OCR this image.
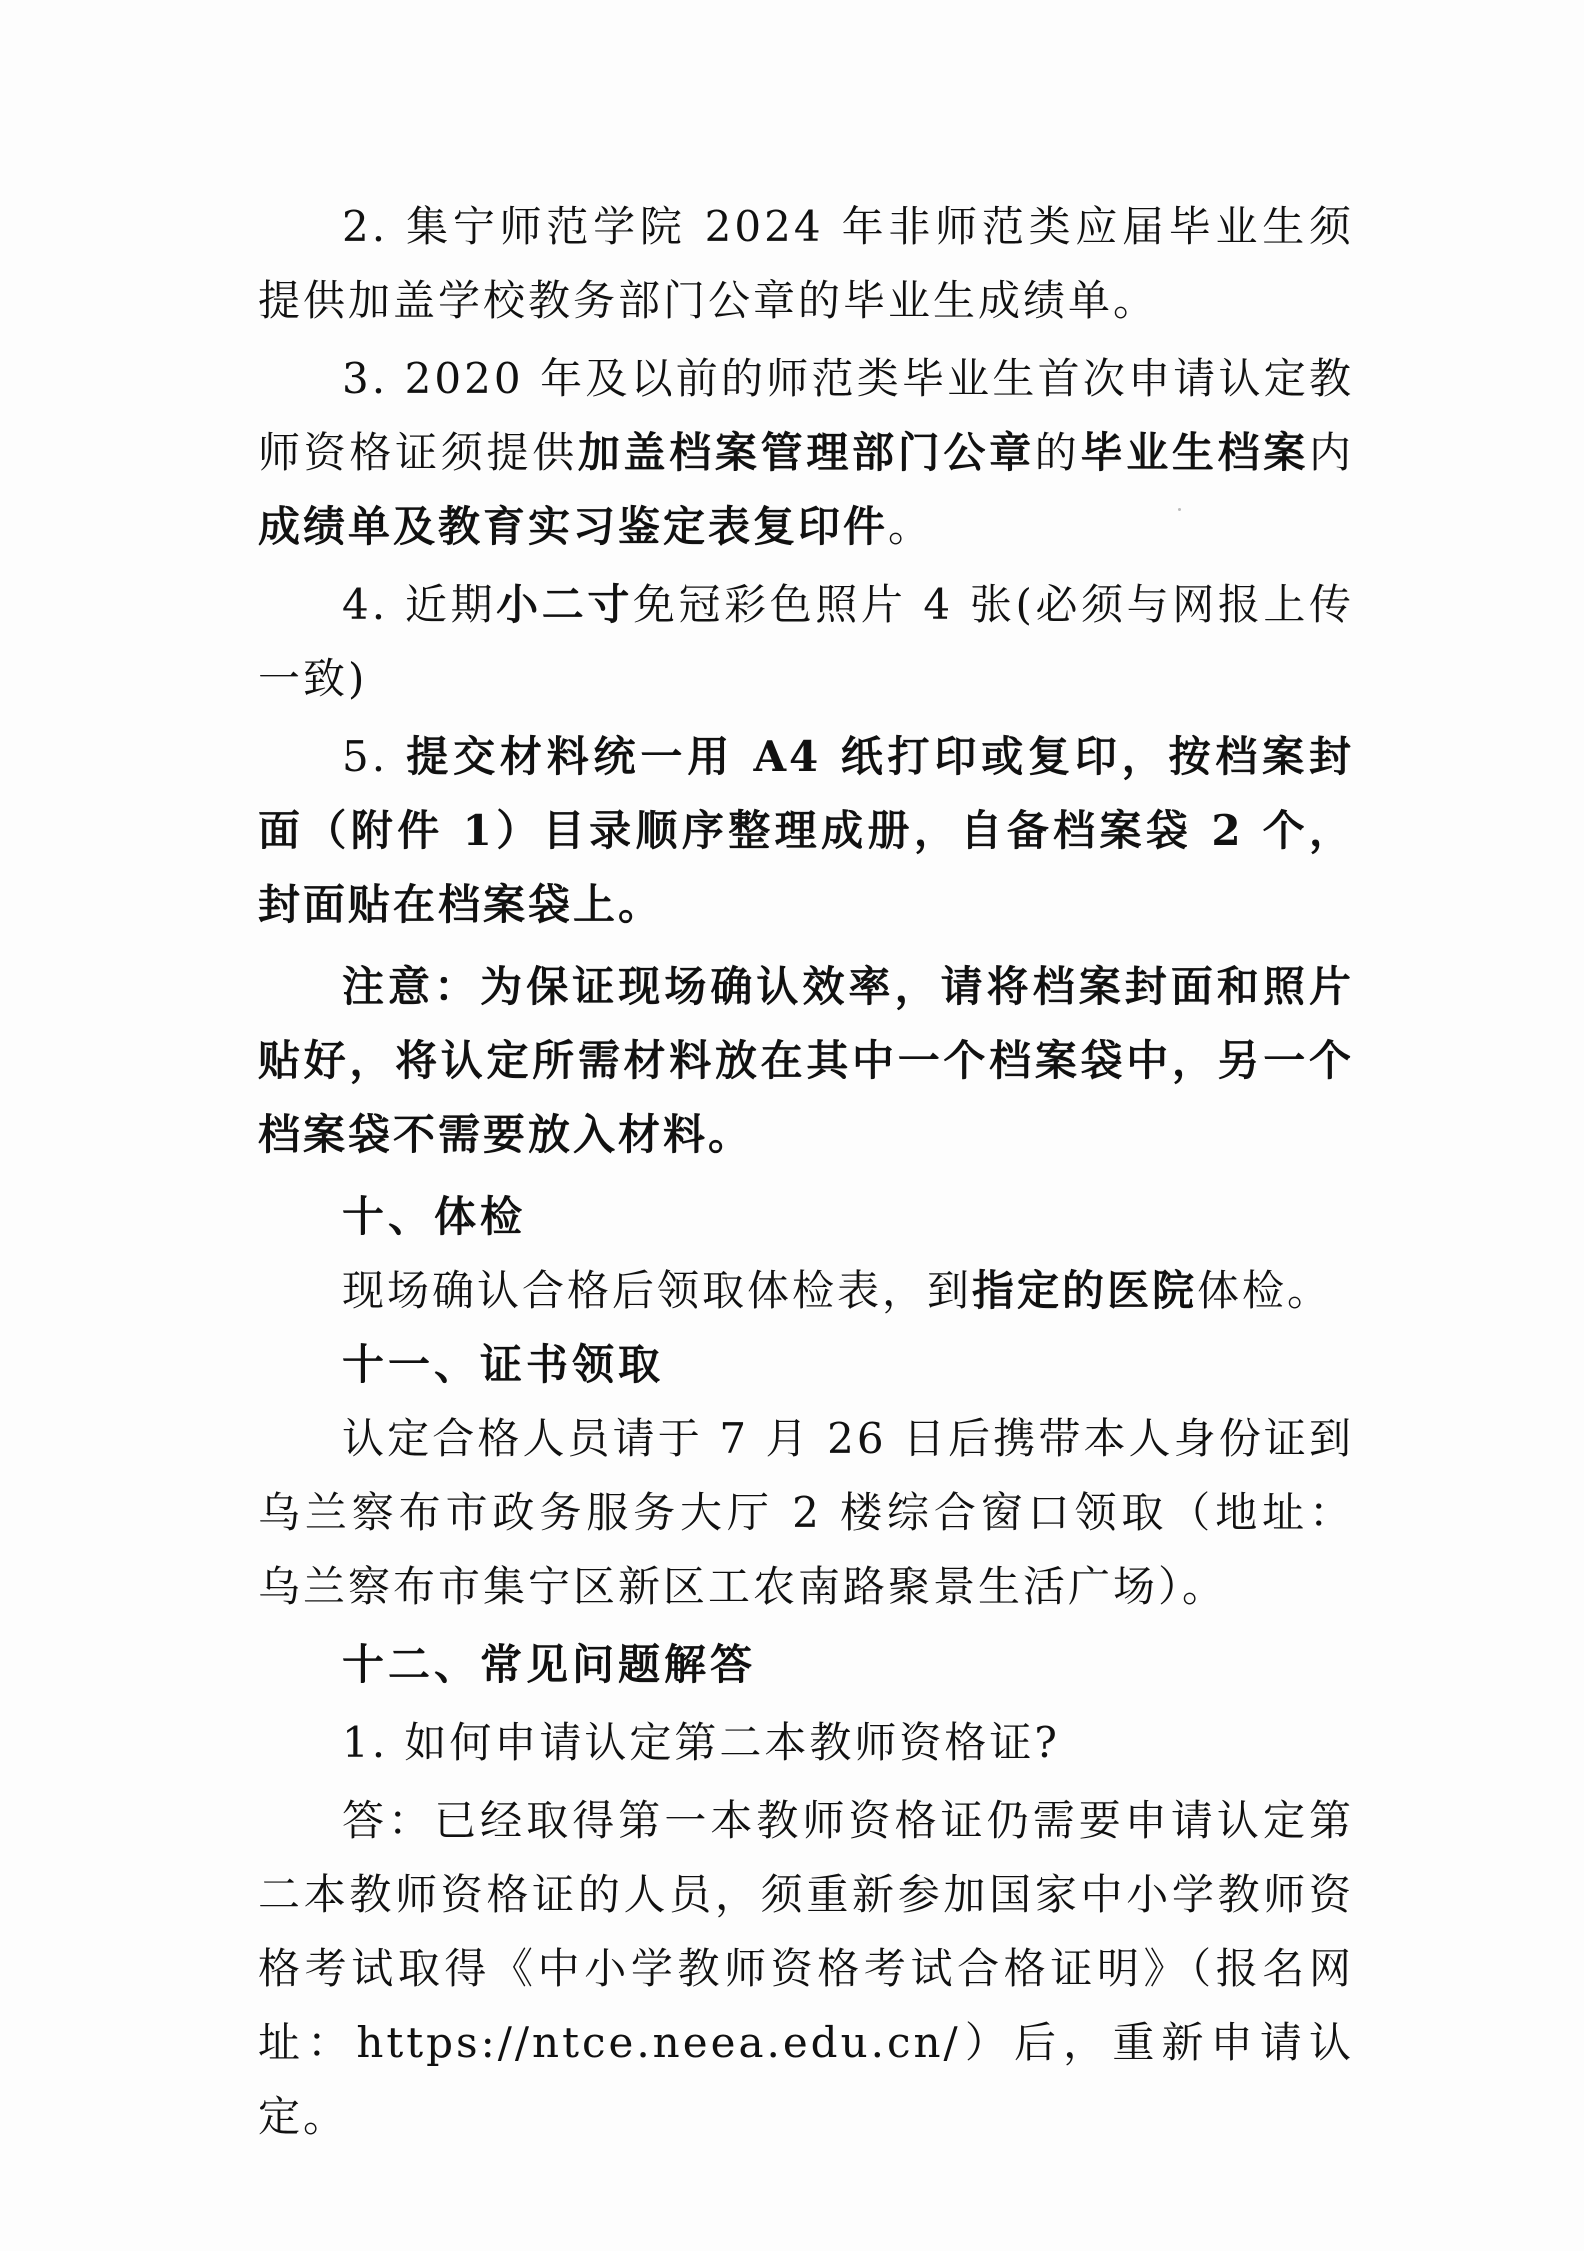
2. 集宁师范学院 2024 年非师范类应届毕业生须提供加盖学校教务部门公章的毕业生成绩单。

3. 2020 年及以前的师范类毕业生首次申请认定教师资格证须提供加盖档案管理部门公章的毕业生档案内成绩单及教育实习鉴定表复印件。

4. 近期小二寸免冠彩色照片 4 张(必须与网报上传一致)

5. 提交材料统一用 A4 纸打印或复印，按档案封面（附件 1）目录顺序整理成册，自备档案袋 2 个，封面贴在档案袋上。

注意：为保证现场确认效率，请将档案封面和照片贴好，将认定所需材料放在其中一个档案袋中，另一个档案袋不需要放入材料。

十、体检

现场确认合格后领取体检表，到指定的医院体检。

十一、证书领取

认定合格人员请于 7 月 26 日后携带本人身份证到乌兰察布市政务服务大厅 2 楼综合窗口领取（地址：乌兰察布市集宁区新区工农南路聚景生活广场）。

十二、常见问题解答

1. 如何申请认定第二本教师资格证?

答：已经取得第一本教师资格证仍需要申请认定第二本教师资格证的人员，须重新参加国家中小学教师资格考试取得《中小学教师资格考试合格证明》（报名网址：https://ntce.neea.edu.cn/）后，重新申请认定。
